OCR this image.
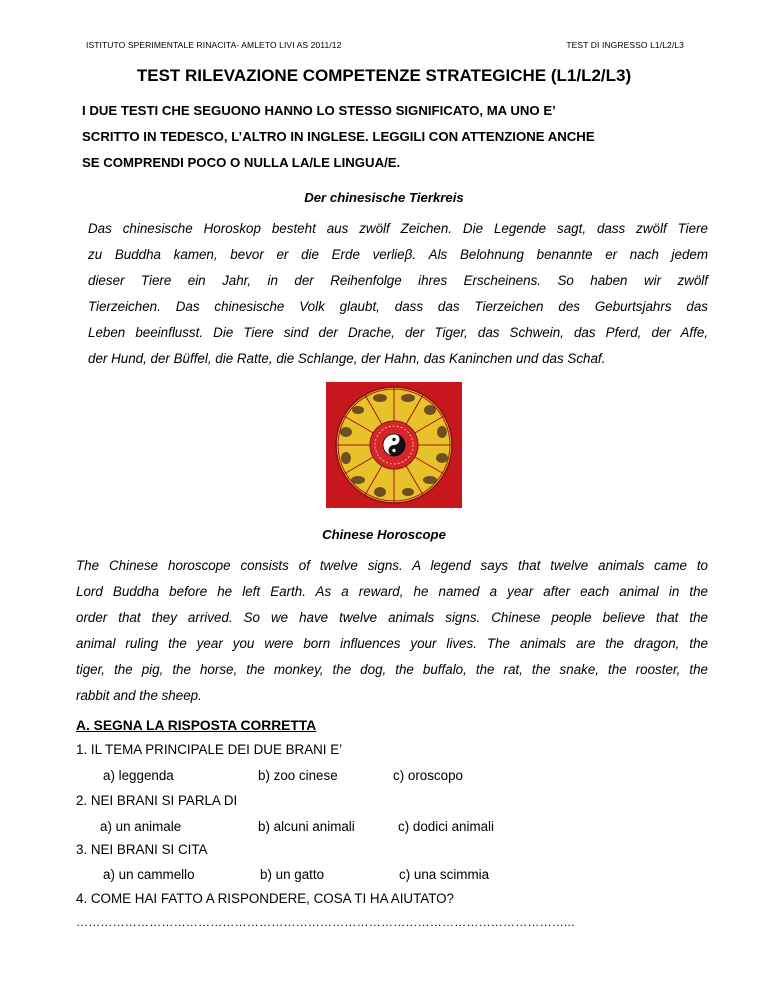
ISTITUTO SPERIMENTALE RINACITA- AMLETO LIVI AS 2011/12	TEST DI INGRESSO L1/L2/L3
TEST RILEVAZIONE COMPETENZE STRATEGICHE (L1/L2/L3)
I DUE TESTI CHE SEGUONO HANNO LO STESSO SIGNIFICATO, MA UNO E’
SCRITTO IN TEDESCO, L’ALTRO IN INGLESE. LEGGILI CON ATTENZIONE ANCHE
SE COMPRENDI POCO O NULLA LA/LE LINGUA/E.
Der chinesische Tierkreis
Das chinesische Horoskop besteht aus zwölf Zeichen. Die Legende sagt, dass zwölf Tiere
zu Buddha kamen, bevor er die Erde verlieβ. Als Belohnung benannte er nach jedem
dieser Tiere ein Jahr, in der Reihenfolge ihres Erscheinens. So haben wir zwölf
Tierzeichen. Das chinesische Volk glaubt, dass das Tierzeichen des Geburtsjahrs das
Leben beeinflusst. Die Tiere sind der Drache, der Tiger, das Schwein, das Pferd, der Affe,
der Hund, der Büffel, die Ratte, die Schlange, der Hahn, das Kaninchen und das Schaf.
Chinese Horoscope
The Chinese horoscope consists of twelve signs. A legend says that twelve animals came to
Lord Buddha before he left Earth. As a reward, he named a year after each animal in the
order that they arrived. So we have twelve animals signs. Chinese people believe that the
animal ruling the year you were born influences your lives. The animals are the dragon, the
tiger, the pig, the horse, the monkey, the dog, the buffalo, the rat, the snake, the rooster, the
rabbit and the sheep.
A. SEGNA LA RISPOSTA CORRETTA
1. IL TEMA PRINCIPALE DEI DUE BRANI E’
a) leggenda	b) zoo cinese	c) oroscopo
2. NEI BRANI SI PARLA DI
a) un animale	b) alcuni animali	c) dodici animali
3. NEI BRANI SI CITA
a) un cammello	b) un gatto	c) una scimmia
4. COME HAI FATTO A RISPONDERE, COSA TI HA AIUTATO?
…………………………………………………………………………………………………………...
